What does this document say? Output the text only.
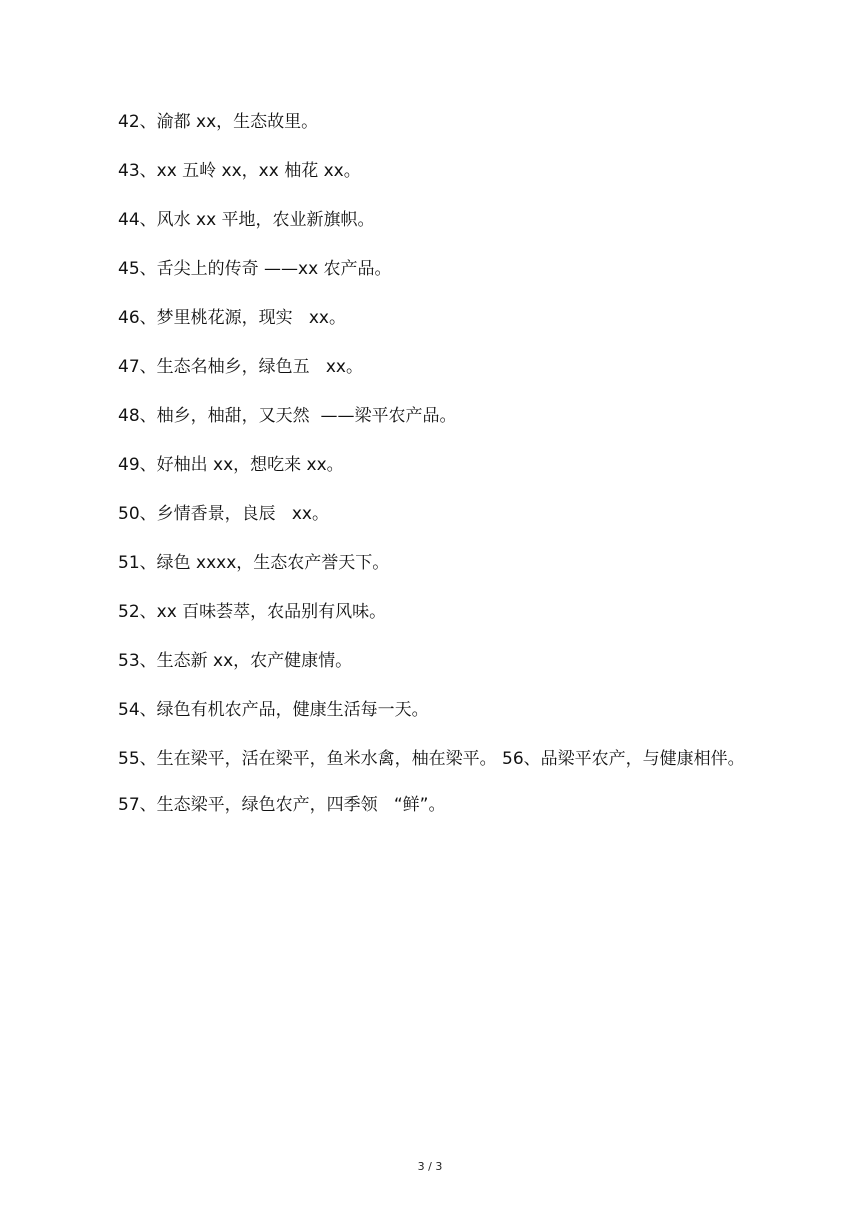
42、渝都 xx，生态故里。

43、xx 五岭 xx，xx 柚花 xx。

44、风水 xx 平地，农业新旗帜。

45、舌尖上的传奇 ——xx 农产品。

46、梦里桃花源，现实   xx。

47、生态名柚乡，绿色五   xx。

48、柚乡，柚甜，又天然  ——梁平农产品。

49、好柚出 xx，想吃来 xx。

50、乡情香景，良辰   xx。

51、绿色 xxxx，生态农产誉天下。

52、xx 百味荟萃，农品别有风味。

53、生态新 xx，农产健康情。

54、绿色有机农产品，健康生活每一天。

55、生在梁平，活在梁平，鱼米水禽，柚在梁平。 56、品梁平农产，与健康相伴。

57、生态梁平，绿色农产，四季领   “鲜”。

3 / 3
